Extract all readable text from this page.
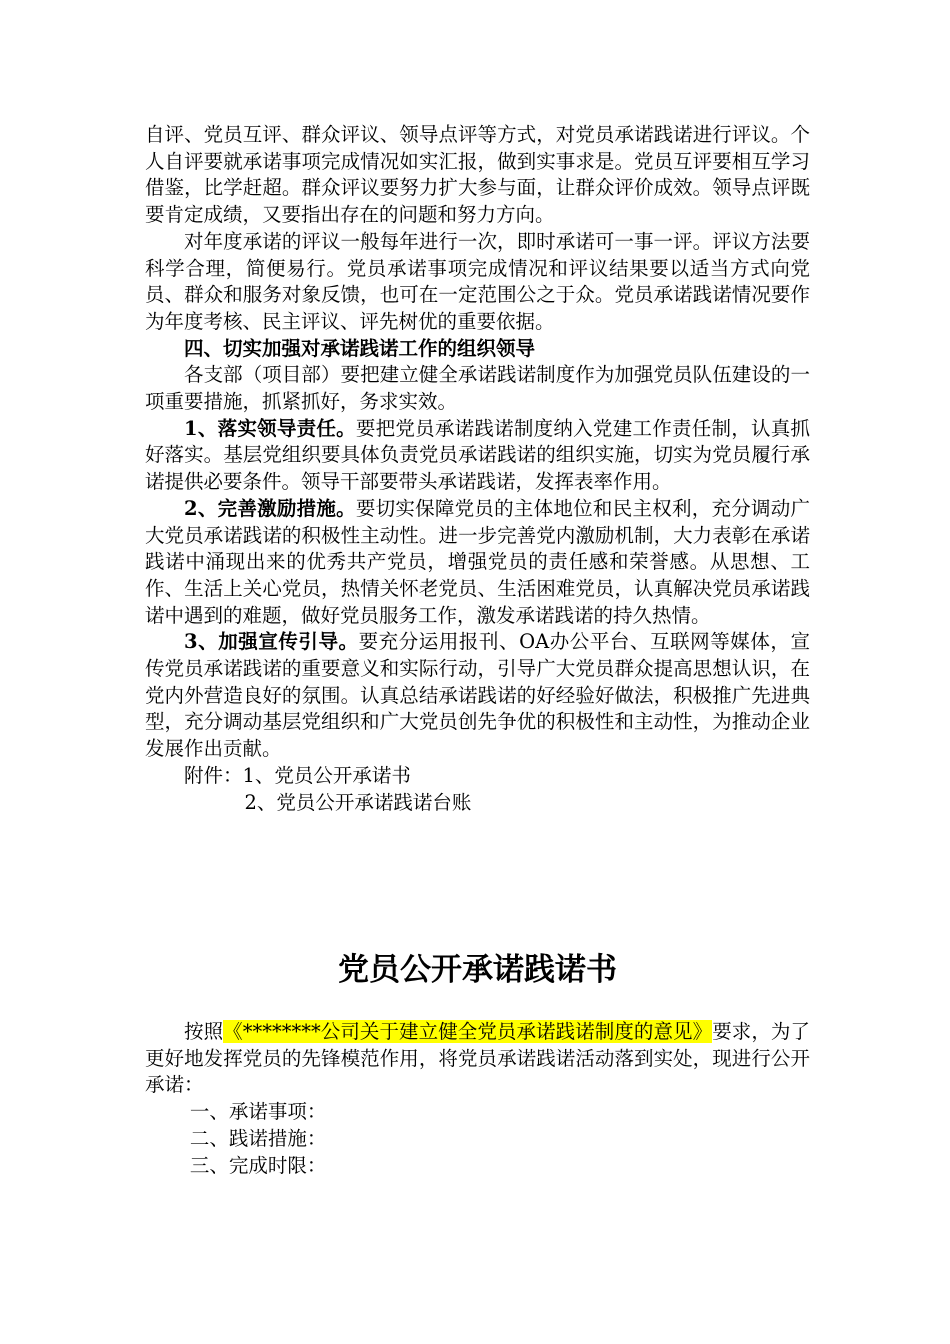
自评、党员互评、群众评议、领导点评等方式，对党员承诺践诺进行评议。个人自评要就承诺事项完成情况如实汇报，做到实事求是。党员互评要相互学习借鉴，比学赶超。群众评议要努力扩大参与面，让群众评价成效。领导点评既要肯定成绩，又要指出存在的问题和努力方向。

对年度承诺的评议一般每年进行一次，即时承诺可一事一评。评议方法要科学合理，简便易行。党员承诺事项完成情况和评议结果要以适当方式向党员、群众和服务对象反馈，也可在一定范围公之于众。党员承诺践诺情况要作为年度考核、民主评议、评先树优的重要依据。

四、切实加强对承诺践诺工作的组织领导

各支部（项目部）要把建立健全承诺践诺制度作为加强党员队伍建设的一项重要措施，抓紧抓好，务求实效。

1、落实领导责任。要把党员承诺践诺制度纳入党建工作责任制，认真抓好落实。基层党组织要具体负责党员承诺践诺的组织实施，切实为党员履行承诺提供必要条件。领导干部要带头承诺践诺，发挥表率作用。

2、完善激励措施。要切实保障党员的主体地位和民主权利，充分调动广大党员承诺践诺的积极性主动性。进一步完善党内激励机制，大力表彰在承诺践诺中涌现出来的优秀共产党员，增强党员的责任感和荣誉感。从思想、工作、生活上关心党员，热情关怀老党员、生活困难党员，认真解决党员承诺践诺中遇到的难题，做好党员服务工作，激发承诺践诺的持久热情。

3、加强宣传引导。要充分运用报刊、OA办公平台、互联网等媒体，宣传党员承诺践诺的重要意义和实际行动，引导广大党员群众提高思想认识，在党内外营造良好的氛围。认真总结承诺践诺的好经验好做法，积极推广先进典型，充分调动基层党组织和广大党员创先争优的积极性和主动性，为推动企业发展作出贡献。

附件：1、党员公开承诺书

2、党员公开承诺践诺台账

党员公开承诺践诺书

按照《********公司关于建立健全党员承诺践诺制度的意见》要求，为了更好地发挥党员的先锋模范作用，将党员承诺践诺活动落到实处，现进行公开承诺：

一、承诺事项：

二、践诺措施：

三、完成时限：
